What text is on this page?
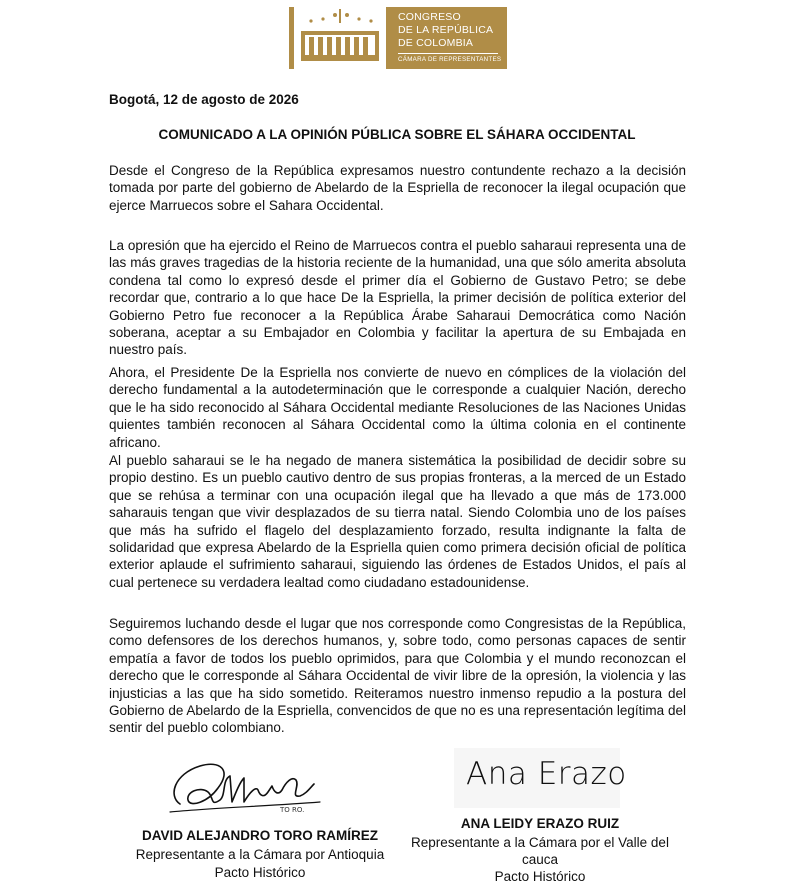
CONGRESO
DE LA REPÚBLICA
DE COLOMBIA
CÁMARA DE REPRESENTANTES
Bogotá, 12 de agosto de 2026
COMUNICADO A LA OPINIÓN PÚBLICA SOBRE EL SÁHARA OCCIDENTAL

Desde el Congreso de la República expresamos nuestro contundente rechazo a la decisión tomada por parte del gobierno de Abelardo de la Espriella de reconocer la ilegal ocupación que ejerce Marruecos sobre el Sahara Occidental.

La opresión que ha ejercido el Reino de Marruecos contra el pueblo saharaui representa una de las más graves tragedias de la historia reciente de la humanidad, una que sólo amerita absoluta condena tal como lo expresó desde el primer día el Gobierno de Gustavo Petro; se debe recordar que, contrario a lo que hace De la Espriella, la primer decisión de política exterior del Gobierno Petro fue reconocer a la República Árabe Saharaui Democrática como Nación soberana, aceptar a su Embajador en Colombia y facilitar la apertura de su Embajada en nuestro país.

Ahora, el Presidente De la Espriella nos convierte de nuevo en cómplices de la violación del derecho fundamental a la autodeterminación que le corresponde a cualquier Nación, derecho que le ha sido reconocido al Sáhara Occidental mediante Resoluciones de las Naciones Unidas quientes también reconocen al Sáhara Occidental como la última colonia en el continente africano.

Al pueblo saharaui se le ha negado de manera sistemática la posibilidad de decidir sobre su propio destino. Es un pueblo cautivo dentro de sus propias fronteras, a la merced de un Estado que se rehúsa a terminar con una ocupación ilegal que ha llevado a que más de 173.000 saharauis tengan que vivir desplazados de su tierra natal. Siendo Colombia uno de los países que más ha sufrido el flagelo del desplazamiento forzado, resulta indignante la falta de solidaridad que expresa Abelardo de la Espriella quien como primera decisión oficial de política exterior aplaude el sufrimiento saharaui, siguiendo las órdenes de Estados Unidos, el país al cual pertenece su verdadera lealtad como ciudadano estadounidense.

Seguiremos luchando desde el lugar que nos corresponde como Congresistas de la República, como defensores de los derechos humanos, y, sobre todo, como personas capaces de sentir empatía a favor de todos los pueblo oprimidos, para que Colombia y el mundo reconozcan el derecho que le corresponde al Sáhara Occidental de vivir libre de la opresión, la violencia y las injusticias a las que ha sido sometido. Reiteramos nuestro inmenso repudio a la postura del Gobierno de Abelardo de la Espriella, convencidos de que no es una representación legítima del sentir del pueblo colombiano.

TO RO.
Ana Erazo
DAVID ALEJANDRO TORO RAMÍREZ
Representante a la Cámara por Antioquia
Pacto Histórico
ANA LEIDY ERAZO RUIZ
Representante a la Cámara por el Valle del
cauca
Pacto Histórico
